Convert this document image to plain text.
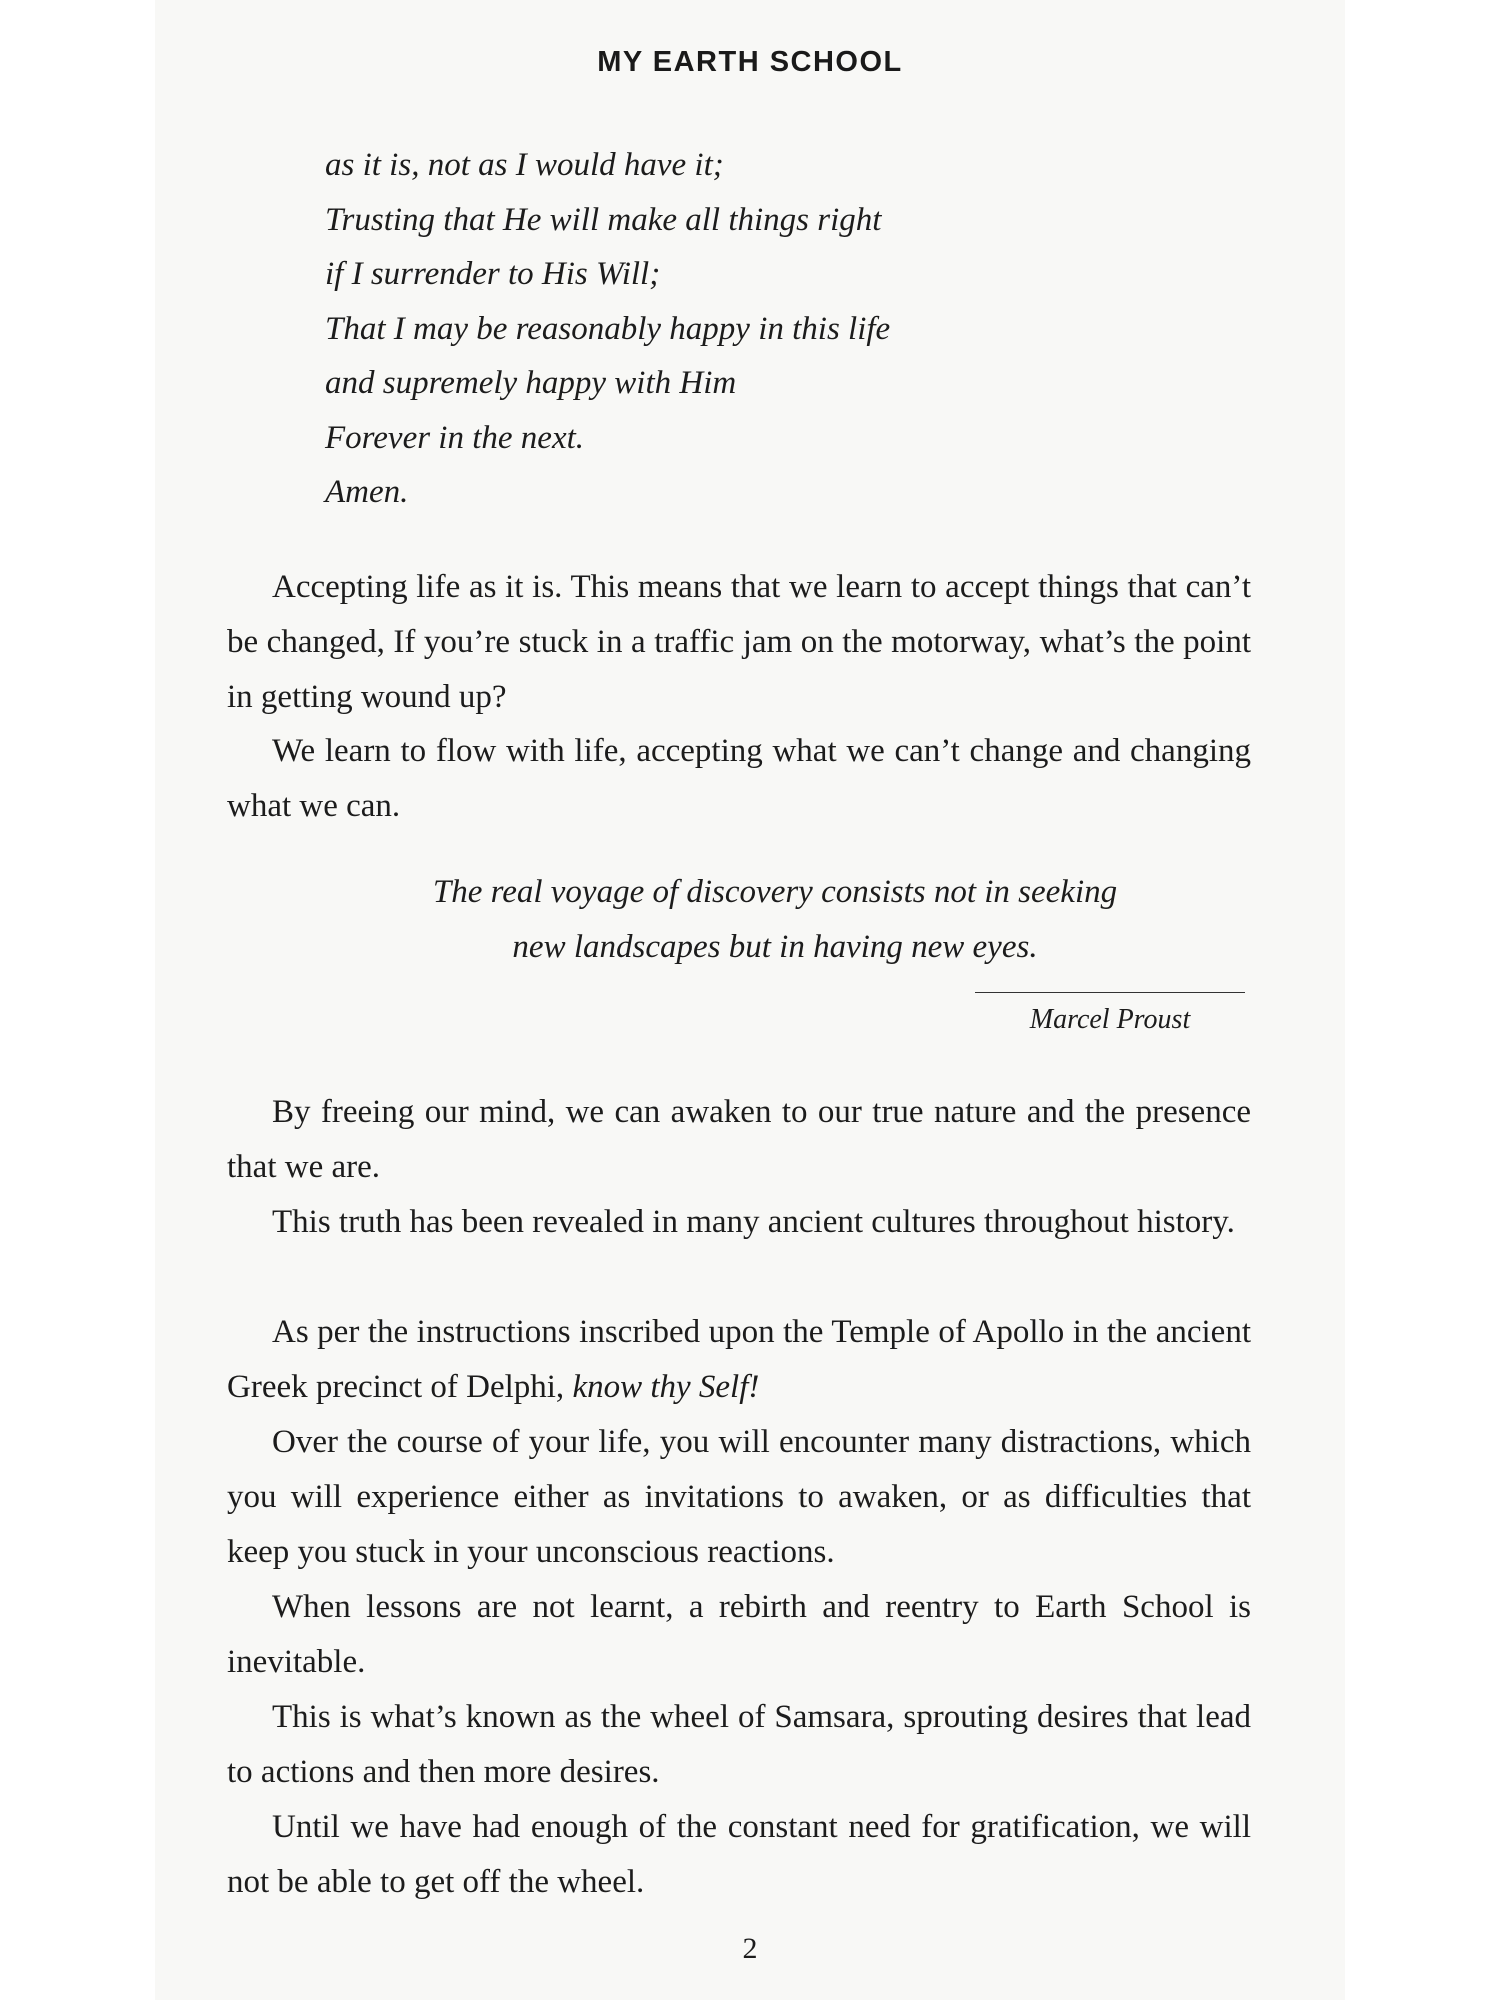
MY EARTH SCHOOL
as it is, not as I would have it;
Trusting that He will make all things right
if I surrender to His Will;
That I may be reasonably happy in this life
and supremely happy with Him
Forever in the next.
Amen.

Accepting life as it is. This means that we learn to accept things that can’t be changed, If you’re stuck in a traffic jam on the motorway, what’s the point in getting wound up?

We learn to flow with life, accepting what we can’t change and changing what we can.

The real voyage of discovery consists not in seeking
new landscapes but in having new eyes.
Marcel Proust

By freeing our mind, we can awaken to our true nature and the presence that we are.

This truth has been revealed in many ancient cultures throughout history.

As per the instructions inscribed upon the Temple of Apollo in the ancient Greek precinct of Delphi, know thy Self!

Over the course of your life, you will encounter many distractions, which you will experience either as invitations to awaken, or as difficulties that keep you stuck in your unconscious reactions.

When lessons are not learnt, a rebirth and reentry to Earth School is inevitable.

This is what’s known as the wheel of Samsara, sprouting desires that lead to actions and then more desires.

Until we have had enough of the constant need for gratification, we will not be able to get off the wheel.

2
